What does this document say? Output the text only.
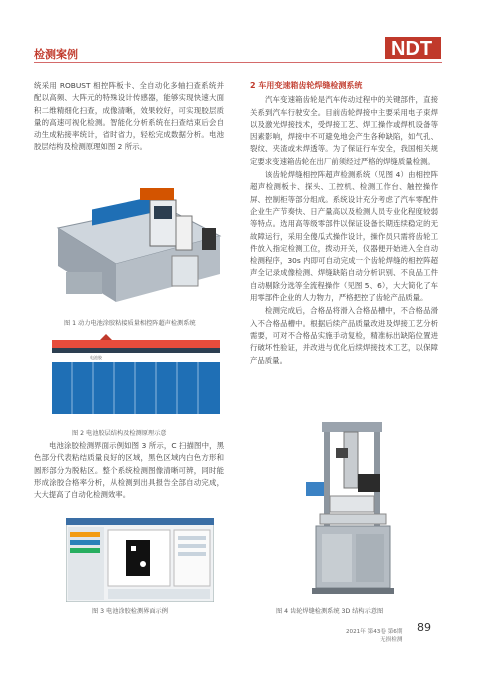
检测案例	NDT

统采用 ROBUST 相控阵板卡、全自动化多轴扫查系统并配以高频、大阵元的特殊设计传感器，能够实现快速大面积二维精细化扫查，成像清晰，效果较好，可实现胶层质量的高速可视化检测。智能化分析系统在扫查结束后会自动生成粘接率统计，省时省力，轻松完成数据分析。电池胶层结构及检测原理如图 2 所示。

图 1 动力电池涂胶粘接质量相控阵超声检测系统
电池胶
图 2 电池胶层结构及检测原理示意

电池涂胶检测界面示例如图 3 所示，C 扫描图中，黑色部分代表粘结质量良好的区域，黑色区域内白色方形和圆形部分为脱粘区。整个系统检测图像清晰可辨，同时能形成涂胶合格率分析，从检测到出具报告全部自动完成，大大提高了自动化检测效率。

图 3 电池涂胶检测界面示例

2 车用变速箱齿轮焊缝检测系统

汽车变速箱齿轮是汽车传动过程中的关键部件，直接关系到汽车行驶安全。目前齿轮焊接中主要采用电子束焊以及激光焊接技术，受焊接工艺、焊工操作或焊机设备等因素影响，焊接中不可避免地会产生各种缺陷，如气孔、裂纹、夹渣或未焊透等。为了保证行车安全，我国相关规定要求变速箱齿轮在出厂前须经过严格的焊缝质量检测。

该齿轮焊缝相控阵超声检测系统（见图 4）由相控阵超声检测板卡、探头、工控机、检测工作台、触控操作屏、控制柜等部分组成。系统设计充分考虑了汽车零配件企业生产节奏快、日产量高以及检测人员专业化程度较弱等特点。选用高等级零部件以保证设备长期连续稳定的无故障运行，采用全傻瓜式操作设计，操作员只需将齿轮工件放入指定检测工位，拨动开关，仪器便开始进入全自动检测程序，30s 内即可自动完成一个齿轮焊缝的相控阵超声全记录成像检测、焊缝缺陷自动分析识别、不良品工件自动剔除分选等全流程操作（见图 5、6），大大简化了车用零部件企业的人力物力，严格把控了齿轮产品质量。

检测完成后，合格品将滑入合格品槽中，不合格品滑入不合格品槽中。根据后续产品质量改进及焊接工艺分析需要，可对不合格品实施手动复检，精准标出缺陷位置进行破坏性验证，并改进与优化后续焊接技术工艺，以保障产品质量。

图 4 齿轮焊缝检测系统 3D 结构示意图
89
2021年 第43卷 第6期
无损检测
